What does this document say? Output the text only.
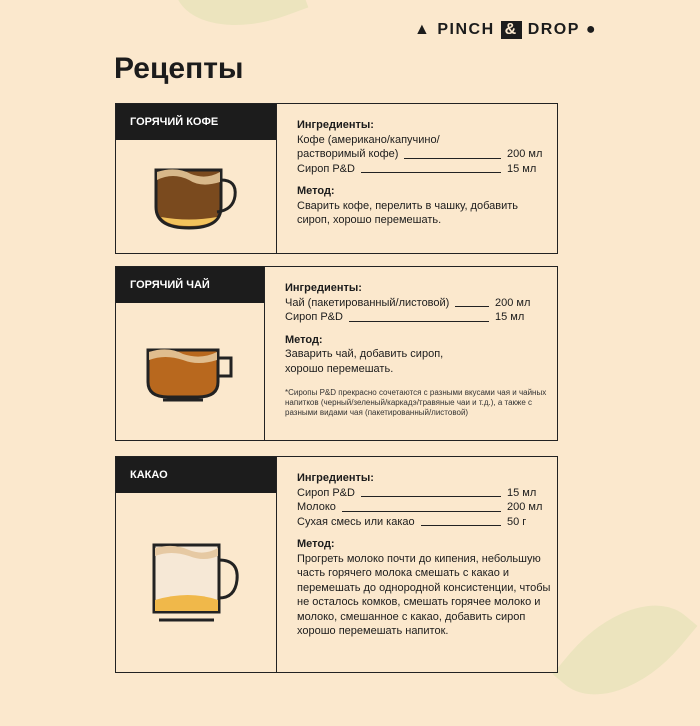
▲ PINCH & DROP ●
Рецепты
ГОРЯЧИЙ КОФЕ	Ингредиенты:
Кофе (американо/капучино/
растворимый кофе)	200 мл
Сироп P&D	15 мл
Метод:
Сварить кофе, перелить в чашку, добавить сироп, хорошо перемешать.
ГОРЯЧИЙ ЧАЙ	Ингредиенты:
Чай (пакетированный/листовой)	200 мл
Сироп P&D	15 мл
Метод:
Заварить чай, добавить сироп, хорошо перемешать.
*Сиропы P&D прекрасно сочетаются с разными вкусами чая и чайных напитков (черный/зеленый/каркадэ/травяные чаи и т.д.), а также с разными видами чая (пакетированный/листовой)
КАКАО	Ингредиенты:
Сироп P&D	15 мл
Молоко	200 мл
Сухая смесь или какао	50 г
Метод:
Прогреть молоко почти до кипения, небольшую часть горячего молока смешать с какао и перемешать до однородной консистенции, чтобы не осталось комков, смешать горячее молоко и молоко, смешанное с какао, добавить сироп хорошо перемешать напиток.
